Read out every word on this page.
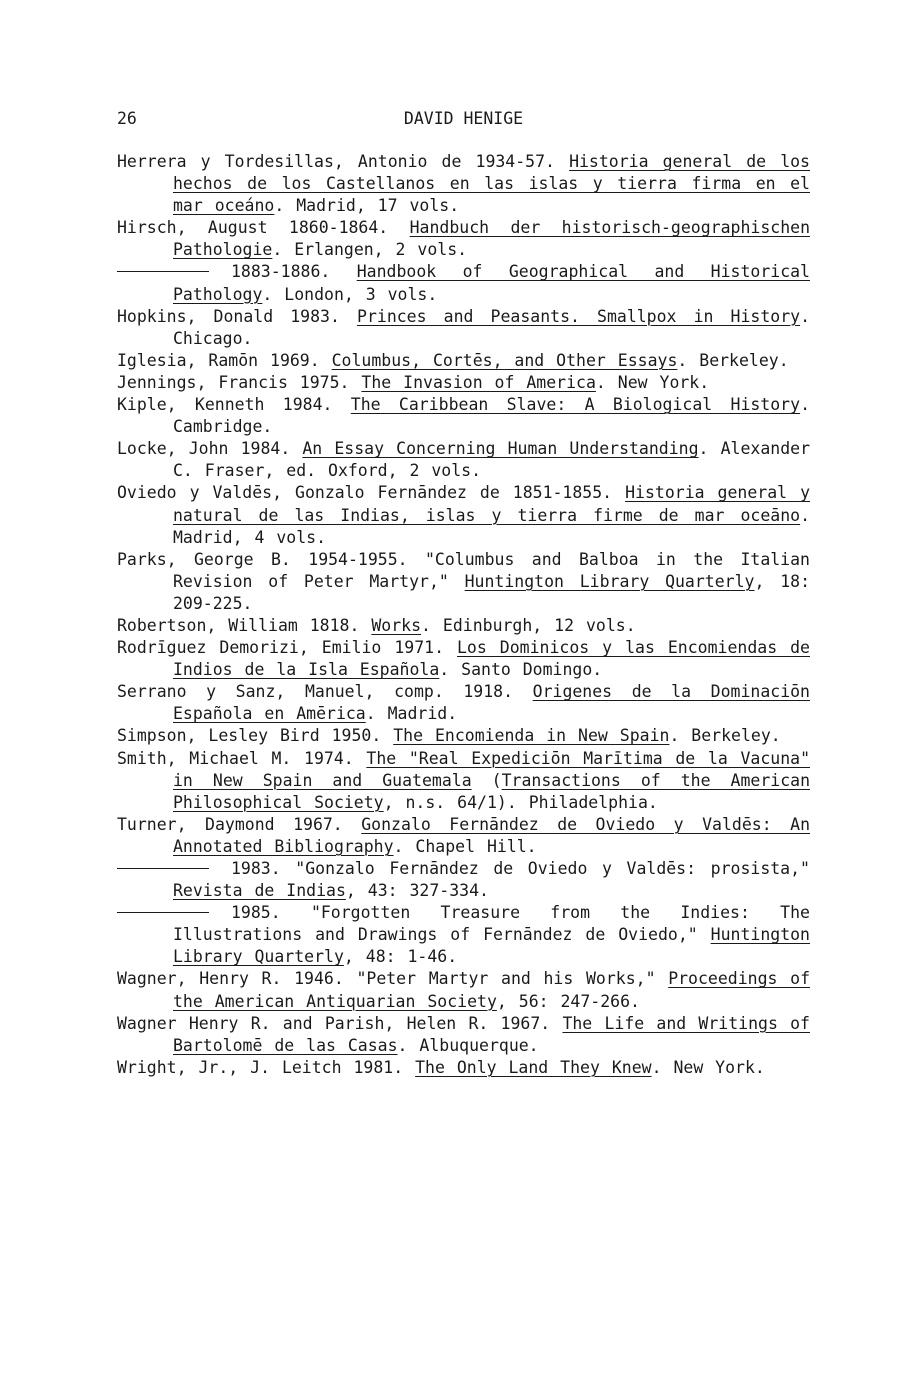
26	DAVID HENIGE
Herrera y Tordesillas, Antonio de 1934-57. Historia general de los hechos de los Castellanos en las islas y tierra firma en el mar oceáno. Madrid, 17 vols.
Hirsch, August 1860-1864. Handbuch der historisch-geographischen Pathologie. Erlangen, 2 vols.
1883-1886. Handbook of Geographical and Historical Pathology. London, 3 vols.
Hopkins, Donald 1983. Princes and Peasants. Smallpox in History. Chicago.
Iglesia, Ramōn 1969. Columbus, Cortēs, and Other Essays. Berkeley.
Jennings, Francis 1975. The Invasion of America. New York.
Kiple, Kenneth 1984. The Caribbean Slave: A Biological History. Cambridge.
Locke, John 1984. An Essay Concerning Human Understanding. Alexander C. Fraser, ed. Oxford, 2 vols.
Oviedo y Valdēs, Gonzalo Fernāndez de 1851-1855. Historia general y natural de las Indias, islas y tierra firme de mar oceāno. Madrid, 4 vols.
Parks, George B. 1954-1955. "Columbus and Balboa in the Italian Revision of Peter Martyr," Huntington Library Quarterly, 18: 209-225.
Robertson, William 1818. Works. Edinburgh, 12 vols.
Rodrīguez Demorizi, Emilio 1971. Los Dominicos y las Encomiendas de Indios de la Isla Española. Santo Domingo.
Serrano y Sanz, Manuel, comp. 1918. Origenes de la Dominaciōn Española en Amērica. Madrid.
Simpson, Lesley Bird 1950. The Encomienda in New Spain. Berkeley.
Smith, Michael M. 1974. The "Real Expediciōn Marītima de la Vacuna" in New Spain and Guatemala (Transactions of the American Philosophical Society, n.s. 64/1). Philadelphia.
Turner, Daymond 1967. Gonzalo Fernāndez de Oviedo y Valdēs: An Annotated Bibliography. Chapel Hill.
1983. "Gonzalo Fernāndez de Oviedo y Valdēs: prosista," Revista de Indias, 43: 327-334.
1985. "Forgotten Treasure from the Indies: The Illustrations and Drawings of Fernāndez de Oviedo," Huntington Library Quarterly, 48: 1-46.
Wagner, Henry R. 1946. "Peter Martyr and his Works," Proceedings of the American Antiquarian Society, 56: 247-266.
Wagner Henry R. and Parish, Helen R. 1967. The Life and Writings of Bartolomē de las Casas. Albuquerque.
Wright, Jr., J. Leitch 1981. The Only Land They Knew. New York.
